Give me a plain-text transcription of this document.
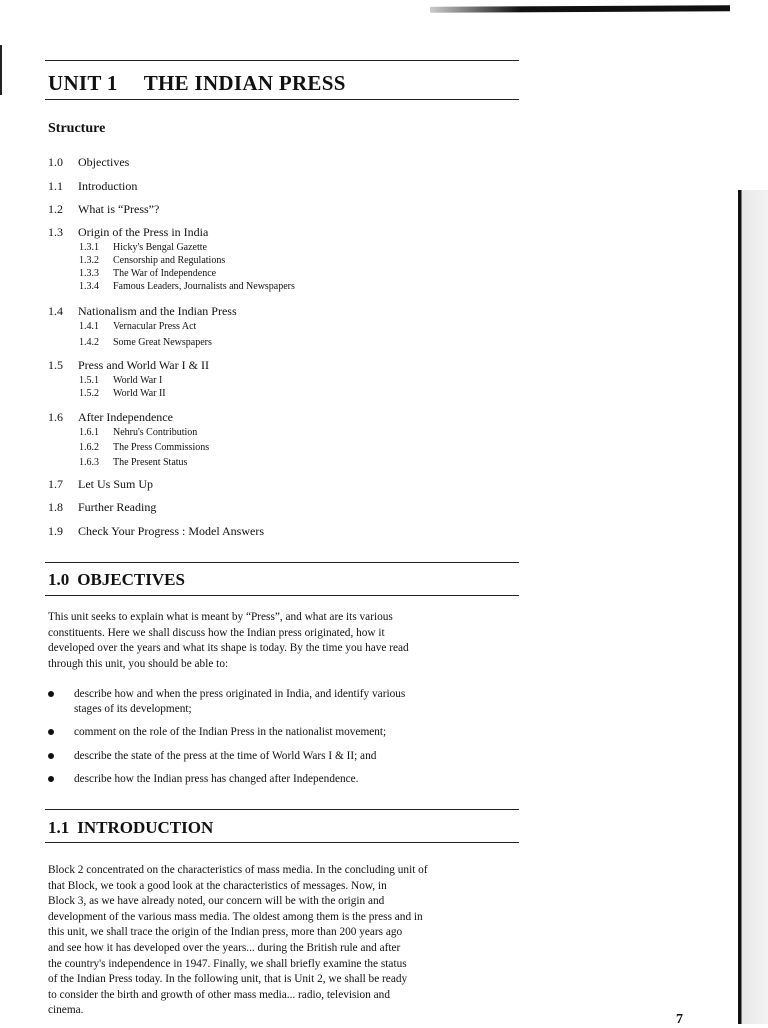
UNIT 1 THE INDIAN PRESS
Structure
1.0 Objectives
1.1 Introduction
1.2 What is “Press”?
1.3 Origin of the Press in India
1.3.1 Hicky's Bengal Gazette
1.3.2 Censorship and Regulations
1.3.3 The War of Independence
1.3.4 Famous Leaders, Journalists and Newspapers
1.4 Nationalism and the Indian Press
1.4.1 Vernacular Press Act
1.4.2 Some Great Newspapers
1.5 Press and World War I & II
1.5.1 World War I
1.5.2 World War II
1.6 After Independence
1.6.1 Nehru's Contribution
1.6.2 The Press Commissions
1.6.3 The Present Status
1.7 Let Us Sum Up
1.8 Further Reading
1.9 Check Your Progress : Model Answers
1.0 OBJECTIVES
This unit seeks to explain what is meant by “Press”, and what are its various
constituents. Here we shall discuss how the Indian press originated, how it
developed over the years and what its shape is today. By the time you have read
through this unit, you should be able to:
describe how and when the press originated in India, and identify various
stages of its development;
comment on the role of the Indian Press in the nationalist movement;
describe the state of the press at the time of World Wars I & II; and
describe how the Indian press has changed after Independence.
1.1 INTRODUCTION
Block 2 concentrated on the characteristics of mass media. In the concluding unit of
that Block, we took a good look at the characteristics of messages. Now, in
Block 3, as we have already noted, our concern will be with the origin and
development of the various mass media. The oldest among them is the press and in
this unit, we shall trace the origin of the Indian press, more than 200 years ago
and see how it has developed over the years... during the British rule and after
the country's independence in 1947. Finally, we shall briefly examine the status
of the Indian Press today. In the following unit, that is Unit 2, we shall be ready
to consider the birth and growth of other mass media... radio, television and
cinema.
7
